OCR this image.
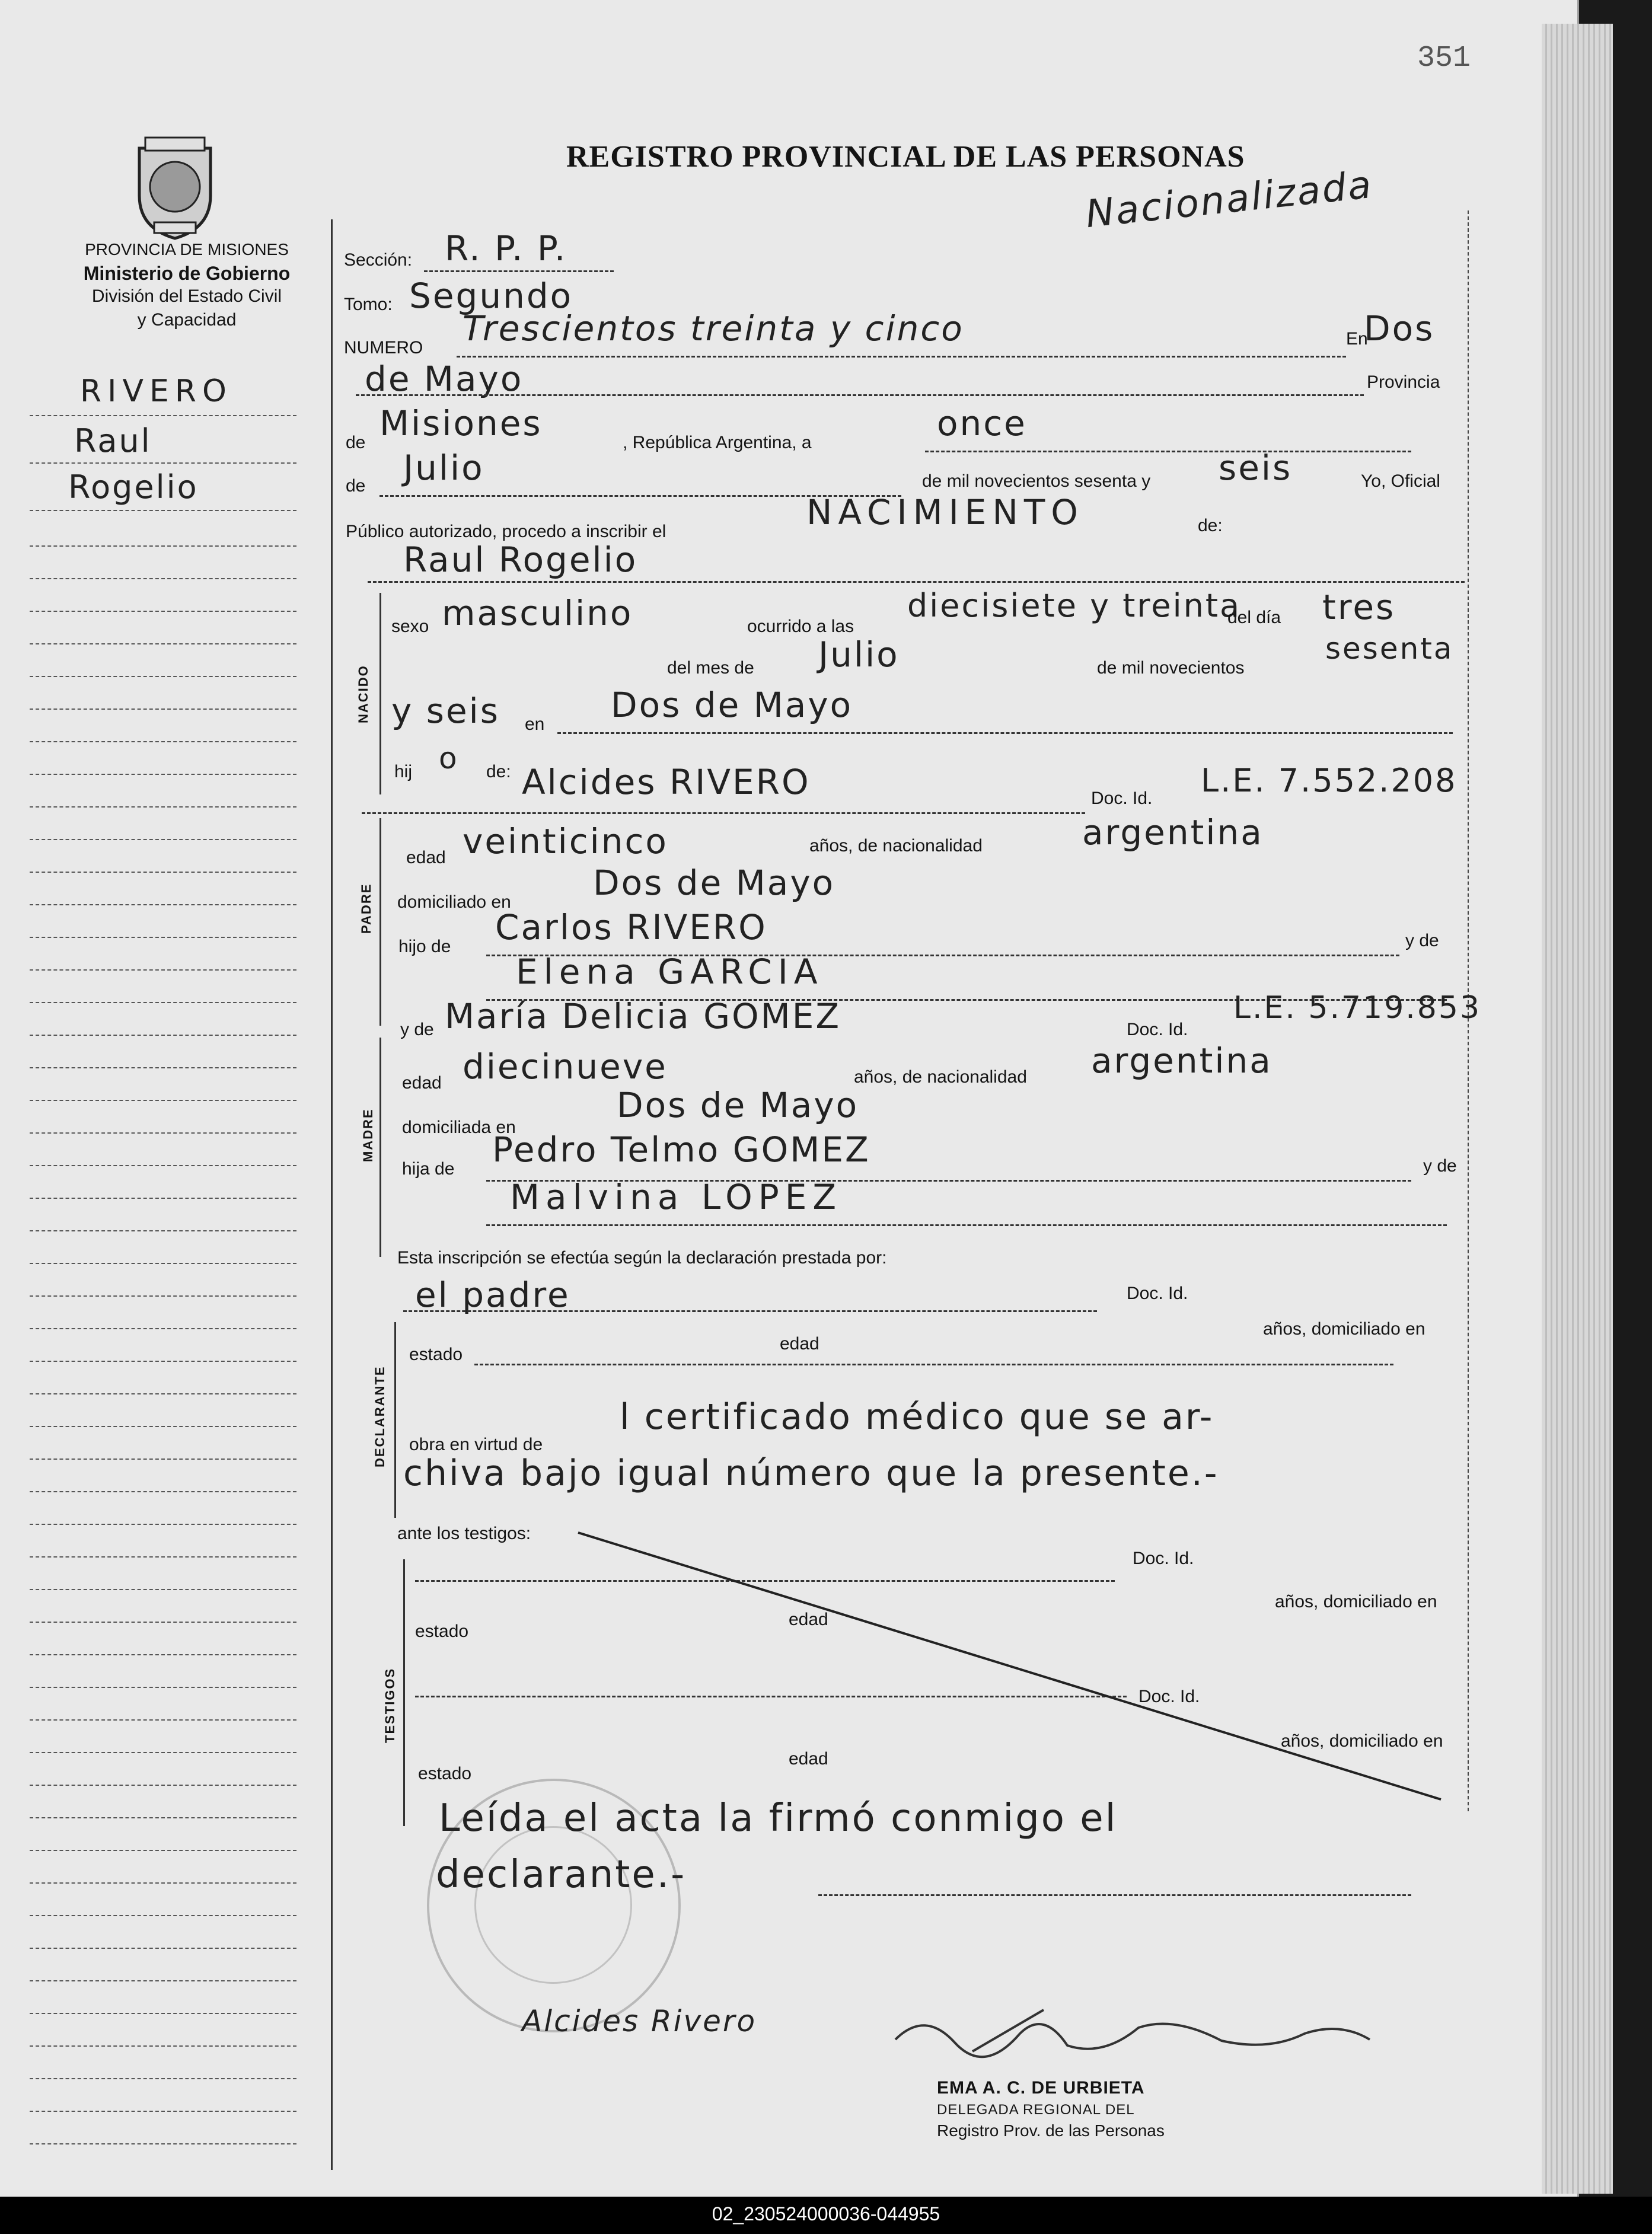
351
PROVINCIA DE MISIONES
Ministerio de Gobierno
División del Estado Civil
y Capacidad
REGISTRO PROVINCIAL DE LAS PERSONAS
Nacionalizada
RIVERO
Raul
Rogelio
Sección: R. P. P.
Tomo: Segundo
NUMERO Trescientos treinta y cinco	En
Dos
de Mayo	Provincia
de Misiones	, República Argentina, a	once
de Julio	de mil novecientos sesenta y seis	Yo, Oficial
Público autorizado, procedo a inscribir el	NACIMIENTO	de:
Raul Rogelio
NACIDO
sexo masculino	ocurrido a las
diecisiete y treinta
del día tres
del mes de Julio	de mil novecientos
sesenta
y seis en Dos de Mayo
hij o de: Alcides RIVERO	Doc. Id. L.E. 7.552.208
PADRE
edad veinticinco	años, de nacionalidad	argentina
domiciliado en Dos de Mayo
hijo de Carlos RIVERO	y de
Elena GARCIA
y de María Delicia GOMEZ	Doc. Id.
L.E. 5.719.853
MADRE
edad diecinueve	años, de nacionalidad argentina
domiciliada en
Dos de Mayo
hija de Pedro Telmo GOMEZ	y de
Malvina LOPEZ
Esta inscripción se efectúa según la declaración prestada por:
el padre	Doc. Id.
DECLARANTE
estado
edad
años, domiciliado en
obra en virtud de
l certificado médico que se ar-
chiva bajo igual número que la presente.-
ante los testigos:
TESTIGOS
Doc. Id.
estado
edad
años, domiciliado en
Doc. Id.
estado
edad
años, domiciliado en
Leída el acta la firmó conmigo el
declarante.-
Alcides Rivero
EMA A. C. DE URBIETA
DELEGADA REGIONAL DEL
Registro Prov. de las Personas
02_230524000036-044955
